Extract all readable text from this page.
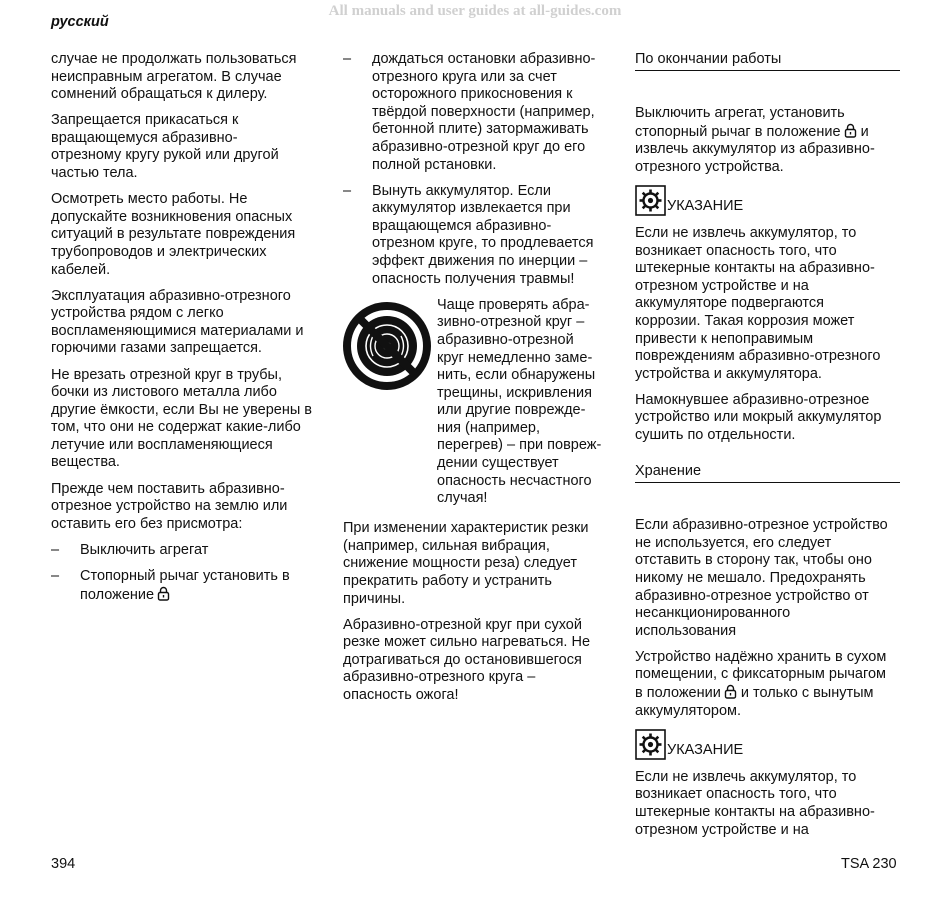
All manuals and user guides at all-guides.com
русский

случае не продолжать пользоваться
неисправным агрегатом. В случае
сомнений обращаться к дилеру.

Запрещается прикасаться к
вращающемуся абразивно-
отрезному кругу рукой или другой
частью тела.

Осмотреть место работы. Не
допускайте возникновения опасных
ситуаций в результате повреждения
трубопроводов и электрических
кабелей.

Эксплуатация абразивно-отрезного
устройства рядом с легко
воспламеняющимися материалами и
горючими газами запрещается.

Не врезать отрезной круг в трубы,
бочки из листового металла либо
другие ёмкости, если Вы не уверены в
том, что они не содержат какие-либо
летучие или воспламеняющиеся
вещества.

Прежде чем поставить абразивно-
отрезное устройство на землю или
оставить его без присмотра:

– Выключить агрегат
– Стопорный рычаг установить в
положение
– дождаться остановки абразивно-
отрезного круга или за счет
осторожного прикосновения к
твёрдой поверхности (например,
бетонной плите) затормаживать
абразивно-отрезной круг до его
полной рстановки.
– Вынуть аккумулятор. Если
аккумулятор извлекается при
вращающемся абразивно-
отрезном круге, то продлевается
эффект движения по инерции –
опасность получения травмы!
Чаще проверять абра-
зивно-отрезной круг –
абразивно-отрезной
круг немедленно заме-
нить, если обнаружены
трещины, искривления
или другие поврежде-
ния (например,
перегрев) – при повреж-
дении существует
опасность несчастного
случая!

При изменении характеристик резки
(например, сильная вибрация,
снижение мощности реза) следует
прекратить работу и устранить
причины.

Абразивно-отрезной круг при сухой
резке может сильно нагреваться. Не
дотрагиваться до остановившегося
абразивно-отрезного круга –
опасность ожога!

По окончании работы

Выключить агрегат, установить
стопорный рычаг в положение и
извлечь аккумулятор из абразивно-
отрезного устройства.

УКАЗАНИЕ

Если не извлечь аккумулятор, то
возникает опасность того, что
штекерные контакты на абразивно-
отрезном устройстве и на
аккумуляторе подвергаются
коррозии. Такая коррозия может
привести к непоправимым
повреждениям абразивно-отрезного
устройства и аккумулятора.

Намокнувшее абразивно-отрезное
устройство или мокрый аккумулятор
сушить по отдельности.

Хранение

Если абразивно-отрезное устройство
не используется, его следует
отставить в сторону так, чтобы оно
никому не мешало. Предохранять
абразивно-отрезное устройство от
несанкционированного
использования

Устройство надёжно хранить в сухом
помещении, с фиксаторным рычагом
в положении и только с вынутым
аккумулятором.

УКАЗАНИЕ

Если не извлечь аккумулятор, то
возникает опасность того, что
штекерные контакты на абразивно-
отрезном устройстве и на

394	TSA 230
